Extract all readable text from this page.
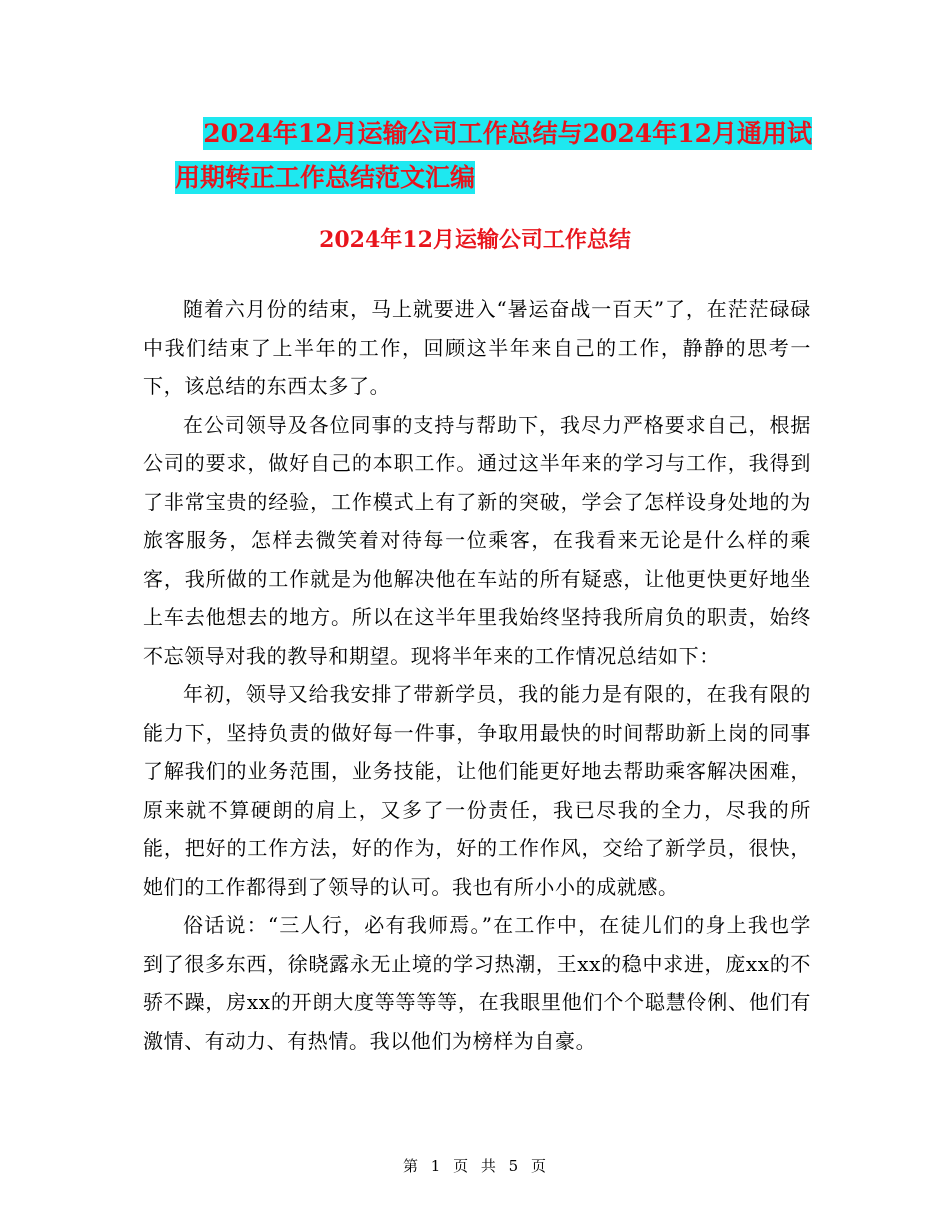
2024年12月运输公司工作总结与2024年12月通用试
用期转正工作总结范文汇编
2024年12月运输公司工作总结

随着六月份的结束，马上就要进入“暑运奋战一百天”了，在茫茫碌碌中我们结束了上半年的工作，回顾这半年来自己的工作，静静的思考一下，该总结的东西太多了。

在公司领导及各位同事的支持与帮助下，我尽力严格要求自己，根据公司的要求，做好自己的本职工作。通过这半年来的学习与工作，我得到了非常宝贵的经验，工作模式上有了新的突破，学会了怎样设身处地的为旅客服务，怎样去微笑着对待每一位乘客，在我看来无论是什么样的乘客，我所做的工作就是为他解决他在车站的所有疑惑，让他更快更好地坐上车去他想去的地方。所以在这半年里我始终坚持我所肩负的职责，始终不忘领导对我的教导和期望。现将半年来的工作情况总结如下：

年初，领导又给我安排了带新学员，我的能力是有限的，在我有限的能力下，坚持负责的做好每一件事，争取用最快的时间帮助新上岗的同事了解我们的业务范围，业务技能，让他们能更好地去帮助乘客解决困难，原来就不算硬朗的肩上，又多了一份责任，我已尽我的全力，尽我的所能，把好的工作方法，好的作为，好的工作作风，交给了新学员，很快，她们的工作都得到了领导的认可。我也有所小小的成就感。

俗话说：“三人行，必有我师焉。”在工作中，在徒儿们的身上我也学到了很多东西，徐晓露永无止境的学习热潮，王xx的稳中求进，庞xx的不骄不躁，房xx的开朗大度等等等等，在我眼里他们个个聪慧伶俐、他们有激情、有动力、有热情。我以他们为榜样为自豪。

第 1 页 共 5 页
